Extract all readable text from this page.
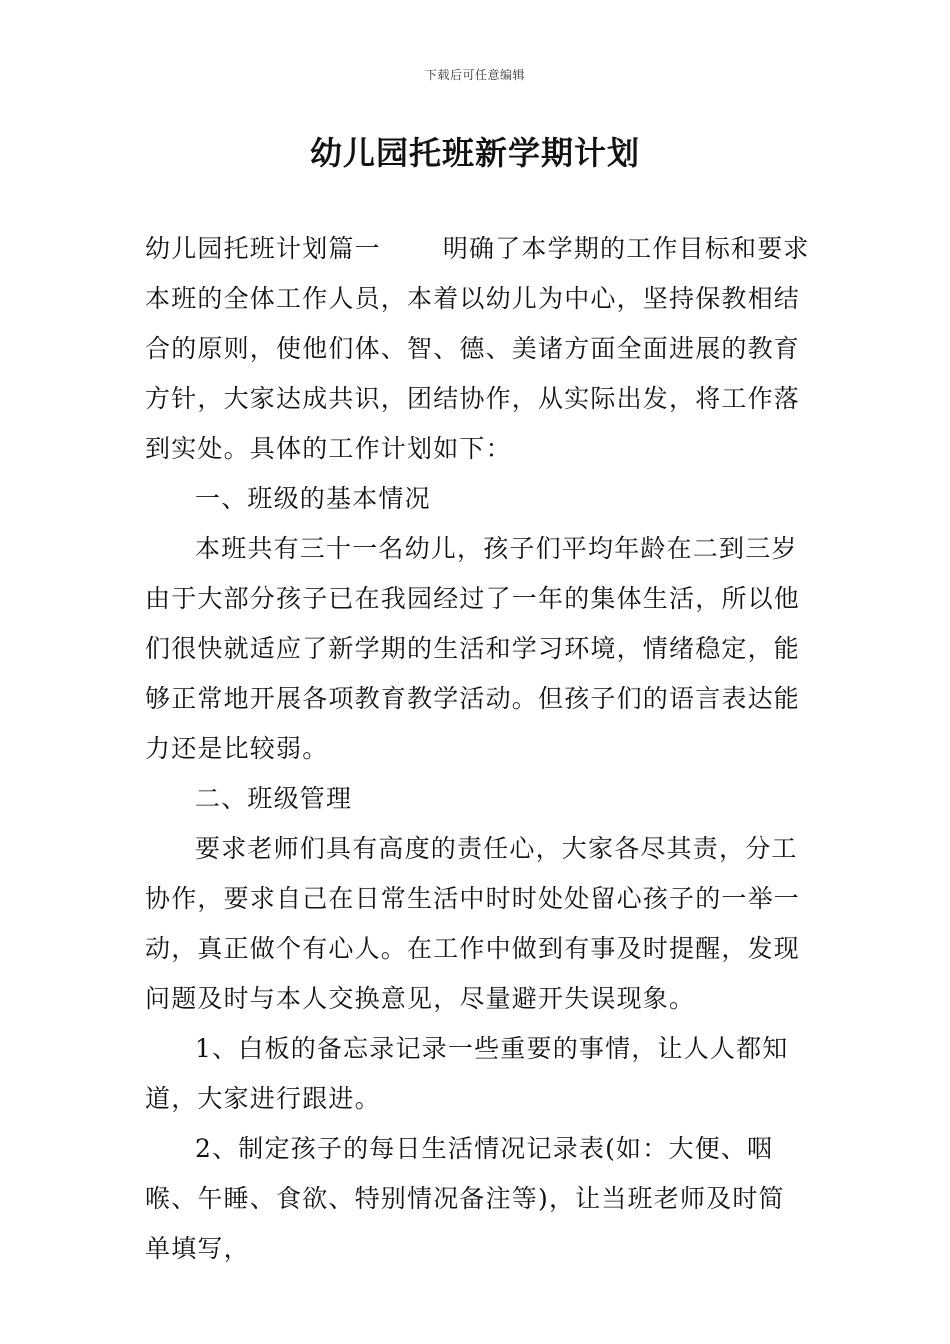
下载后可任意编辑
幼儿园托班新学期计划

幼儿园托班计划篇一 明确了本学期的工作目标和要求本班的全体工作人员，本着以幼儿为中心，坚持保教相结合的原则，使他们体、智、德、美诸方面全面进展的教育方针，大家达成共识，团结协作，从实际出发，将工作落到实处。具体的工作计划如下：

一、班级的基本情况

本班共有三十一名幼儿，孩子们平均年龄在二到三岁由于大部分孩子已在我园经过了一年的集体生活，所以他们很快就适应了新学期的生活和学习环境，情绪稳定，能够正常地开展各项教育教学活动。但孩子们的语言表达能力还是比较弱。

二、班级管理

要求老师们具有高度的责任心，大家各尽其责，分工协作，要求自己在日常生活中时时处处留心孩子的一举一动，真正做个有心人。在工作中做到有事及时提醒，发现问题及时与本人交换意见，尽量避开失误现象。

1、白板的备忘录记录一些重要的事情，让人人都知道，大家进行跟进。

2、制定孩子的每日生活情况记录表(如：大便、咽喉、午睡、食欲、特别情况备注等)，让当班老师及时简单填写，
